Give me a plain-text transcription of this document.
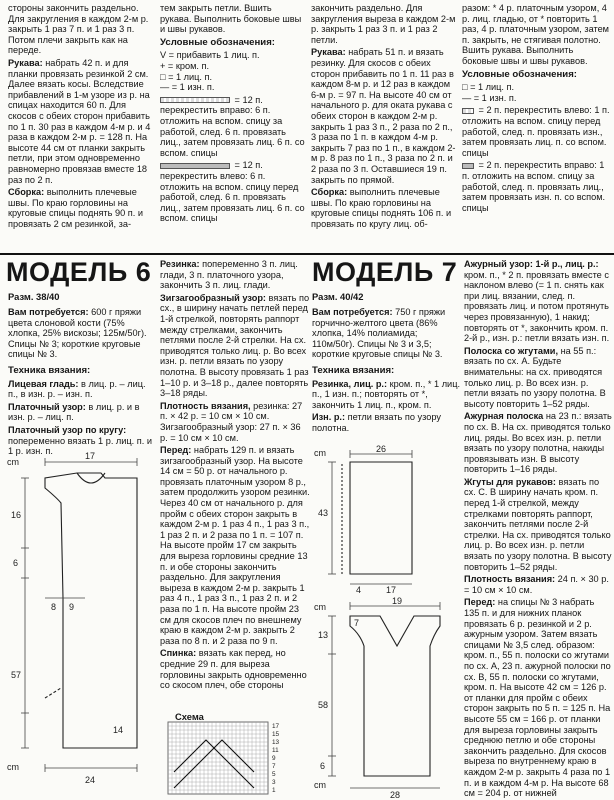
стороны закончить раздельно. Для закругления в каждом 2-м р. закрыть 1 раз 7 п. и 1 раз 3 п. Потом плечи закрыть как на переде.

Рукава: набрать 42 п. и для планки провязать резинкой 2 см. Далее вязать косы. Вследствие прибавлений в 1-м узоре из р. на спицах находится 60 п. Для скосов с обеих сторон прибавить по 1 п. 30 раз в каждом 4-м р. и 4 раза в каждом 2-м р. = 128 п. На высоте 44 см от планки закрыть петли, при этом одновременно равномерно провязав вместе 18 раз по 2 п.

Сборка: выполнить плечевые швы. По краю горловины на круговые спицы поднять 90 п. и провязать 2 см резинкой, за-

тем закрыть петли. Вшить рукава. Выполнить боковые швы и швы рукавов.

Условные обозначения:

V = прибавить 1 лиц. п.

+ = кром. п.

□ = 1 лиц. п.

— = 1 изн. п.

= 12 п. перекрестить вправо: 6 п. отложить на вспом. спицу за работой, след. 6 п. провязать лиц., затем провязать лиц. 6 п. со вспом. спицы

= 12 п. перекрестить влево: 6 п. отложить на вспом. спицу перед работой, след. 6 п. провязать лиц., затем провязать лиц. 6 п. со вспом. спицы

закончить раздельно. Для закругления выреза в каждом 2-м р. закрыть 1 раз 3 п. и 1 раз 2 петли.

Рукава: набрать 51 п. и вязать резинку. Для скосов с обеих сторон прибавить по 1 п. 11 раз в каждом 8-м р. и 12 раз в каждом 6-м р. = 97 п. На высоте 40 см от начального р. для оката рукава с обеих сторон в каждом 2-м р. закрыть 1 раз 3 п., 2 раза по 2 п., 3 раза по 1 п. в каждом 4-м р. закрыть 7 раз по 1 п., в каждом 2-м р. 8 раз по 1 п., 3 раза по 2 п. и 2 раза по 3 п. Оставшиеся 19 п. закрыть по прямой.

Сборка: выполнить плечевые швы. По краю горловины на круговые спицы поднять 106 п. и провязать по кругу лиц. об-

разом: * 4 р. платочным узором, 4 р. лиц. гладью, от * повторить 1 раз, 4 р. платочным узором, затем п. закрыть, не стягивая полотно. Вшить рукава. Выполнить боковые швы и швы рукавов.

Условные обозначения:

□ = 1 лиц. п.

— = 1 изн. п.

= 2 п. перекрестить влево: 1 п. отложить на вспом. спицу перед работой, след. п. провязать изн., затем провязать лиц. п. со вспом. спицы

= 2 п. перекрестить вправо: 1 п. отложить на вспом. спицу за работой, след. п. провязать лиц., затем провязать изн. п. со вспом. спицы

МОДЕЛЬ 6
Разм. 38/40

Вам потребуется: 600 г пряжи цвета слоновой кости (75% хлопка, 25% вискозы; 125м/50г). Спицы № 3; короткие круговые спицы № 3.

Техника вязания:

Лицевая гладь: в лиц. р. – лиц. п., в изн. р. – изн. п.

Платочный узор: в лиц. р. и в изн. р. – лиц. п.

Платочный узор по кругу: попеременно вязать 1 р. лиц. п. и 1 р. изн. п.

cm
17
16
6
8 9
57
14
cm
24

Резинка: попеременно 3 п. лиц. глади, 3 п. платочного узора, закончить 3 п. лиц. глади.

Зигзагообразный узор: вязать по сх., в ширину начать петлей перед 1-й стрелкой, повторять раппорт между стрелками, закончить петлями после 2-й стрелки. На сх. приводятся только лиц. р. Во всех изн. р. петли вязать по узору полотна. В высоту провязать 1 раз 1–10 р. и 3–18 р., далее повторять 3–18 ряды.

Плотность вязания, резинка: 27 п. × 42 р. = 10 см × 10 см. Зигзагообразный узор: 27 п. × 36 р. = 10 см × 10 см.

Перед: набрать 129 п. и вязать зигзагообразный узор. На высоте 14 см = 50 р. от начального р. провязать платочным узором 8 р., затем продолжить узором резинки. Через 40 см от начального р. для пройм с обеих сторон закрыть в каждом 2-м р. 1 раз 4 п., 1 раз 3 п., 1 раз 2 п. и 2 раза по 1 п. = 107 п. На высоте пройм 17 см закрыть для выреза горловины средние 13 п. и обе стороны закончить раздельно. Для закругления выреза в каждом 2-м р. закрыть 1 раз 4 п., 1 раз 3 п., 1 раз 2 п. и 2 раза по 1 п. На высоте пройм 23 см для скосов плеч по внешнему краю в каждом 2-м р. закрыть 2 раза по 8 п. и 2 раза по 9 п.

Спинка: вязать как перед, но средние 29 п. для выреза горловины закрыть одновременно со скосом плеч, обе стороны

Схема
17
15
13
11
9
7
5
3
1
МОДЕЛЬ 7
Разм. 40/42

Вам потребуется: 750 г пряжи горчично-желтого цвета (86% хлопка, 14% полиамида; 110м/50г). Спицы № 3 и 3,5; короткие круговые спицы № 3.

Техника вязания:

Резинка, лиц. р.: кром. п., * 1 лиц. п., 1 изн. п.; повторять от *, закончить 1 лиц. п., кром. п.

Изн. р.: петли вязать по узору полотна.

cm	26
43
4	17
cm
19
7
13
58
6
cm
28

Ажурный узор: 1-й р., лиц. р.: кром. п., * 2 п. провязать вместе с наклоном влево (= 1 п. снять как при лиц. вязании, след. п. провязать лиц. и потом протянуть через провязанную), 1 накид; повторять от *, закончить кром. п. 2-й р., изн. р.: петли вязать изн. п.

Полоска со жгутами, на 55 п.: вязать по сх. А. Будьте внимательны: на сх. приводятся только лиц. р. Во всех изн. р. петли вязать по узору полотна. В высоту повторить 1–52 ряды.

Ажурная полоска на 23 п.: вязать по сх. В. На сх. приводятся только лиц. ряды. Во всех изн. р. петли вязать по узору полотна, накиды провязывать изн. В высоту повторить 1–16 ряды.

Жгуты для рукавов: вязать по сх. С. В ширину начать кром. п. перед 1-й стрелкой, между стрелками повторять раппорт, закончить петлями после 2-й стрелки. На сх. приводятся только лиц. р. Во всех изн. р. петли вязать по узору полотна. В высоту повторить 1–52 ряды.

Плотность вязания: 24 п. × 30 р. = 10 см × 10 см.

Перед: на спицы № 3 набрать 135 п. и для нижних планок провязать 6 р. резинкой и 2 р. ажурным узором. Затем вязать спицами № 3,5 след. образом: кром. п., 55 п. полоски со жгутами по сх. А, 23 п. ажурной полоски по сх. В, 55 п. полоски со жгутами, кром. п. На высоте 42 см = 126 р. от планки для пройм с обеих сторон закрыть по 5 п. = 125 п. На высоте 55 см = 166 р. от планки для выреза горловины закрыть среднюю петлю и обе стороны закончить раздельно. Для скосов выреза по внутреннему краю в каждом 2-м р. закрыть 4 раза по 1 п. и в каждом 4-м р. На высоте 68 см = 204 р. от нижней
